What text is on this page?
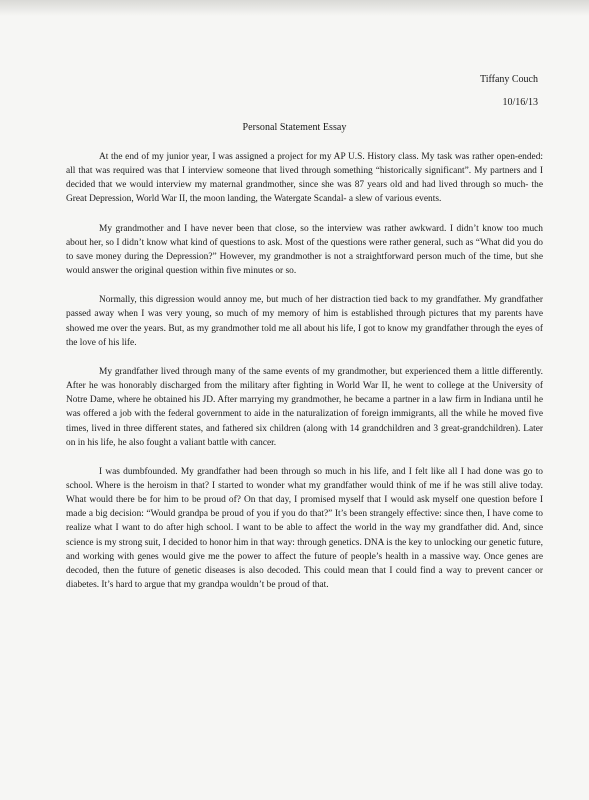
Tiffany Couch
10/16/13
Personal Statement Essay

At the end of my junior year, I was assigned a project for my AP U.S. History class. My task was rather open-ended: all that was required was that I interview someone that lived through something “historically significant”. My partners and I decided that we would interview my maternal grandmother, since she was 87 years old and had lived through so much- the Great Depression, World War II, the moon landing, the Watergate Scandal- a slew of various events.

My grandmother and I have never been that close, so the interview was rather awkward. I didn’t know too much about her, so I didn’t know what kind of questions to ask. Most of the questions were rather general, such as “What did you do to save money during the Depression?” However, my grandmother is not a straightforward person much of the time, but she would answer the original question within five minutes or so.

Normally, this digression would annoy me, but much of her distraction tied back to my grandfather. My grandfather passed away when I was very young, so much of my memory of him is established through pictures that my parents have showed me over the years. But, as my grandmother told me all about his life, I got to know my grandfather through the eyes of the love of his life.

My grandfather lived through many of the same events of my grandmother, but experienced them a little differently. After he was honorably discharged from the military after fighting in World War II, he went to college at the University of Notre Dame, where he obtained his JD. After marrying my grandmother, he became a partner in a law firm in Indiana until he was offered a job with the federal government to aide in the naturalization of foreign immigrants, all the while he moved five times, lived in three different states, and fathered six children (along with 14 grandchildren and 3 great-grandchildren). Later on in his life, he also fought a valiant battle with cancer.

I was dumbfounded. My grandfather had been through so much in his life, and I felt like all I had done was go to school. Where is the heroism in that? I started to wonder what my grandfather would think of me if he was still alive today. What would there be for him to be proud of? On that day, I promised myself that I would ask myself one question before I made a big decision: “Would grandpa be proud of you if you do that?” It’s been strangely effective: since then, I have come to realize what I want to do after high school. I want to be able to affect the world in the way my grandfather did. And, since science is my strong suit, I decided to honor him in that way: through genetics. DNA is the key to unlocking our genetic future, and working with genes would give me the power to affect the future of people’s health in a massive way. Once genes are decoded, then the future of genetic diseases is also decoded. This could mean that I could find a way to prevent cancer or diabetes. It’s hard to argue that my grandpa wouldn’t be proud of that.
